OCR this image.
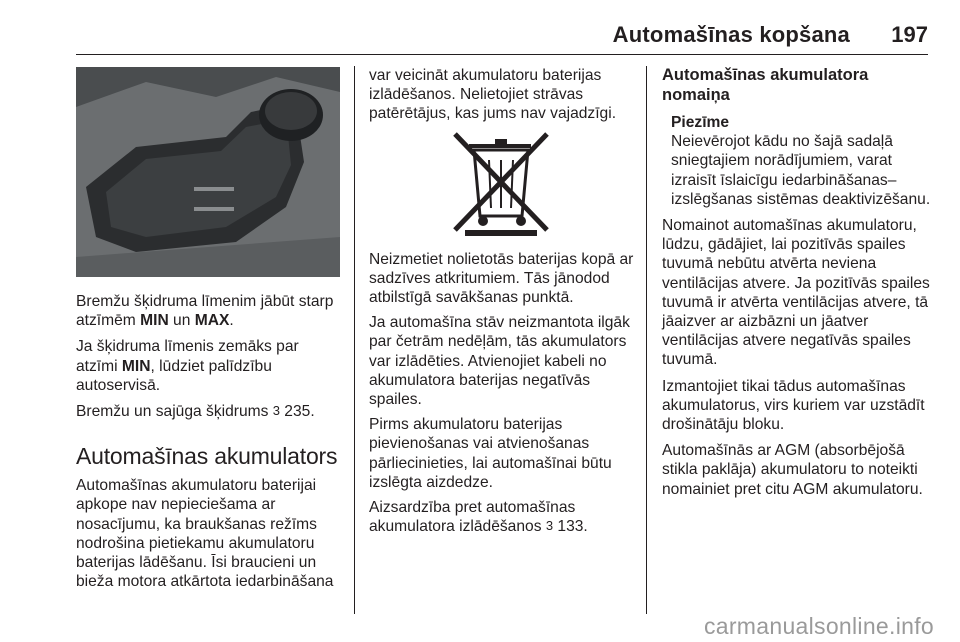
Automašīnas kopšana 197

Bremžu šķidruma līmenim jābūt starp atzīmēm MIN un MAX.

Ja šķidruma līmenis zemāks par atzīmi MIN, lūdziet palīdzību autoservisā.

Bremžu un sajūga šķidrums 3 235.

Automašīnas akumulators

Automašīnas akumulatoru baterijai apkope nav nepieciešama ar nosacījumu, ka braukšanas režīms nodrošina pietiekamu akumulatoru baterijas lādēšanu. Īsi braucieni un bieža motora atkārtota iedarbināšana

var veicināt akumulatoru baterijas izlādēšanos. Nelietojiet strāvas patērētājus, kas jums nav vajadzīgi.

Neizmetiet nolietotās baterijas kopā ar sadzīves atkritumiem. Tās jānodod atbilstīgā savākšanas punktā.

Ja automašīna stāv neizmantota ilgāk par četrām nedēļām, tās akumulators var izlādēties. Atvienojiet kabeli no akumulatora baterijas negatīvās spailes.

Pirms akumulatoru baterijas pievienošanas vai atvienošanas pārliecinieties, lai automašīnai būtu izslēgta aizdedze.

Aizsardzība pret automašīnas akumulatora izlādēšanos 3 133.

Automašīnas akumulatora nomaiņa
Piezīme

Neievērojot kādu no šajā sadaļā sniegtajiem norādījumiem, varat izraisīt īslaicīgu iedarbināšanas–izslēgšanas sistēmas deaktivizēšanu.

Nomainot automašīnas akumulatoru, lūdzu, gādājiet, lai pozitīvās spailes tuvumā nebūtu atvērta neviena ventilācijas atvere. Ja pozitīvās spailes tuvumā ir atvērta ventilācijas atvere, tā jāaizver ar aizbāzni un jāatver ventilācijas atvere negatīvās spailes tuvumā.

Izmantojiet tikai tādus automašīnas akumulatorus, virs kuriem var uzstādīt drošinātāju bloku.

Automašīnās ar AGM (absorbējošā stikla paklāja) akumulatoru to noteikti nomainiet pret citu AGM akumulatoru.

carmanualsonline.info
